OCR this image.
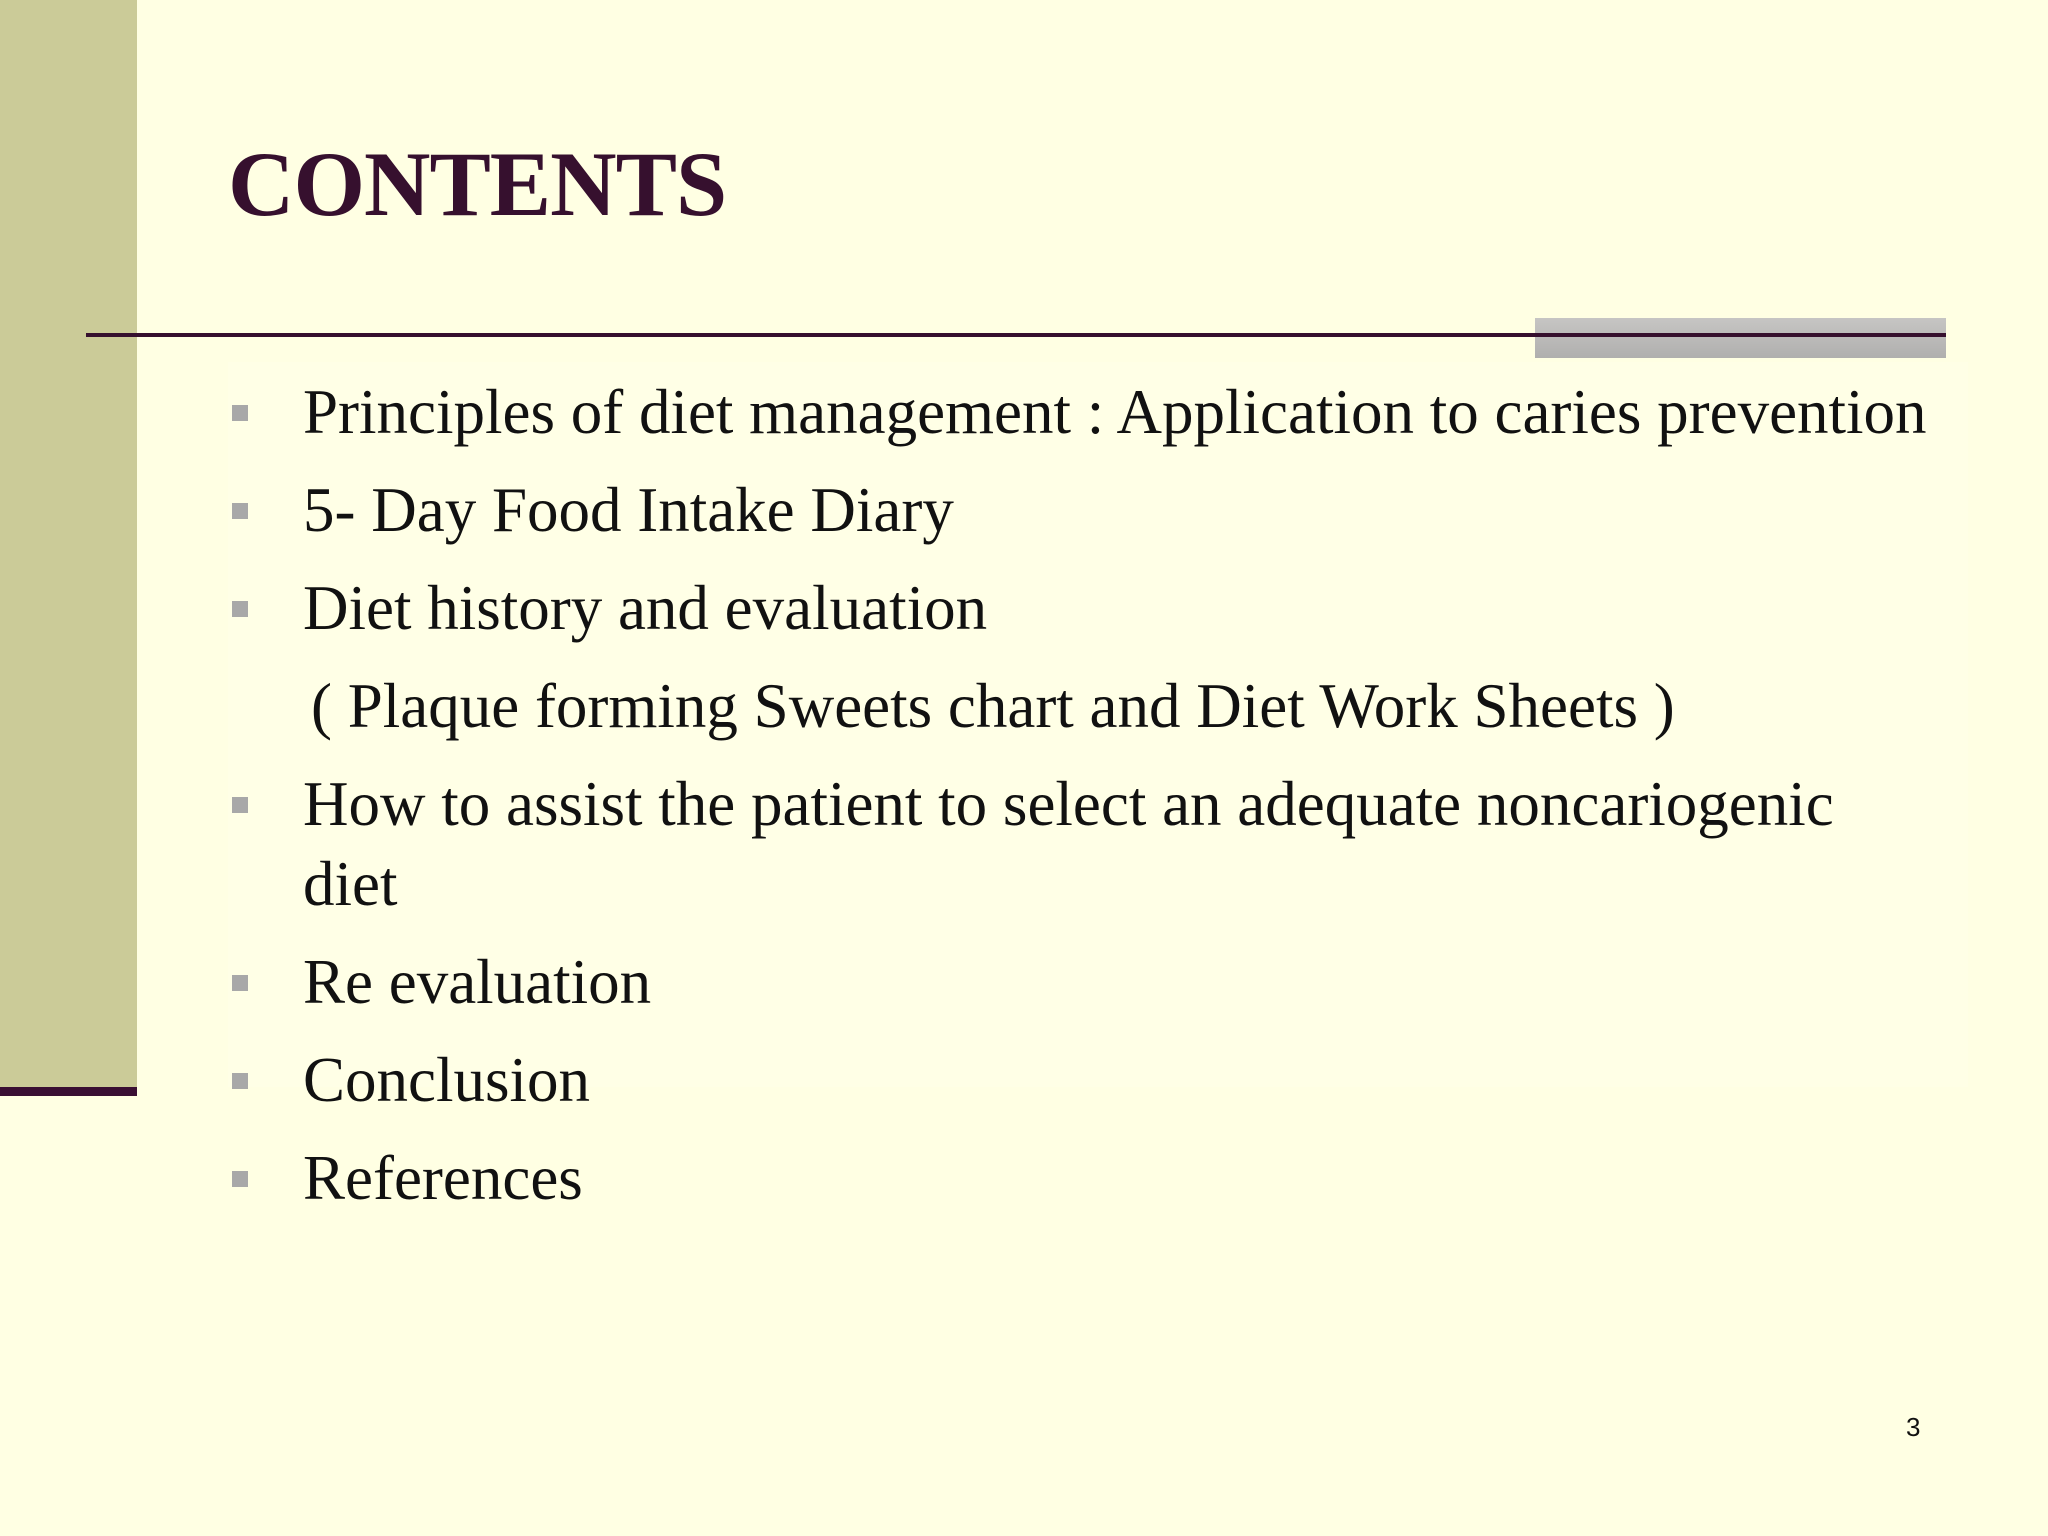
CONTENTS
Principles of diet management : Application to caries prevention
5- Day Food Intake Diary
Diet history and evaluation
( Plaque forming Sweets chart and Diet Work Sheets )
How to assist the patient to select an adequate noncariogenic diet
Re evaluation
Conclusion
References
3
